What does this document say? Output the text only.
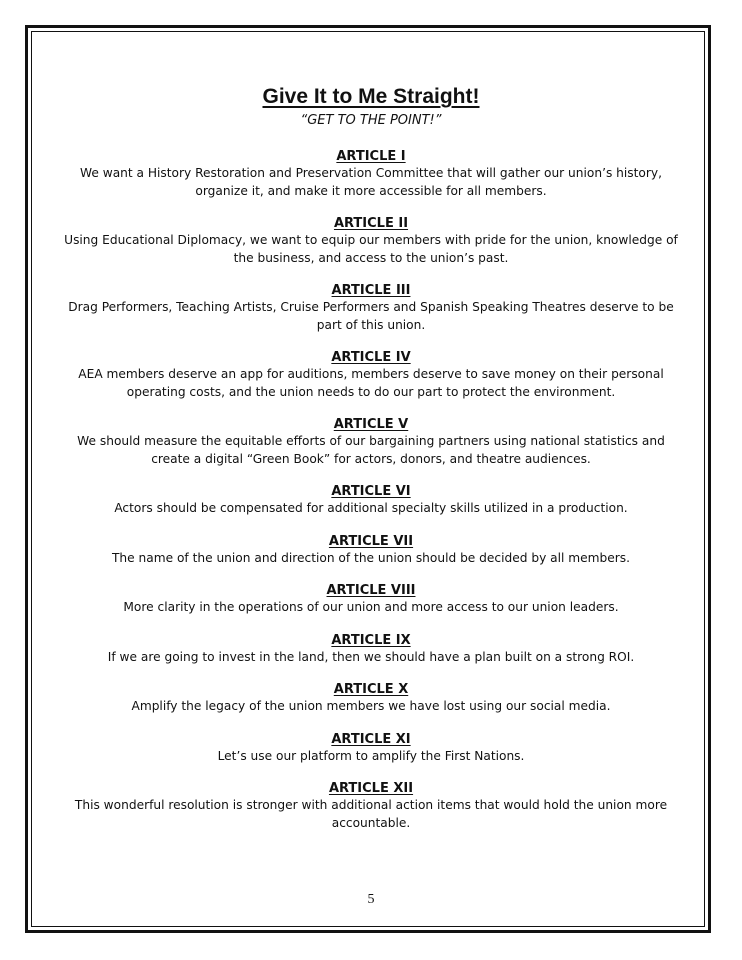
Give It to Me Straight!

“GET TO THE POINT!”

ARTICLE I

We want a History Restoration and Preservation Committee that will gather our union’s history, organize it, and make it more accessible for all members.

ARTICLE II

Using Educational Diplomacy, we want to equip our members with pride for the union, knowledge of the business, and access to the union’s past.

ARTICLE III

Drag Performers, Teaching Artists, Cruise Performers and Spanish Speaking Theatres deserve to be part of this union.

ARTICLE IV

AEA members deserve an app for auditions, members deserve to save money on their personal operating costs, and the union needs to do our part to protect the environment.

ARTICLE V

We should measure the equitable efforts of our bargaining partners using national statistics and create a digital “Green Book” for actors, donors, and theatre audiences.

ARTICLE VI

Actors should be compensated for additional specialty skills utilized in a production.

ARTICLE VII

The name of the union and direction of the union should be decided by all members.

ARTICLE VIII

More clarity in the operations of our union and more access to our union leaders.

ARTICLE IX

If we are going to invest in the land, then we should have a plan built on a strong ROI.

ARTICLE X

Amplify the legacy of the union members we have lost using our social media.

ARTICLE XI

Let’s use our platform to amplify the First Nations.

ARTICLE XII

This wonderful resolution is stronger with additional action items that would hold the union more accountable.

5
